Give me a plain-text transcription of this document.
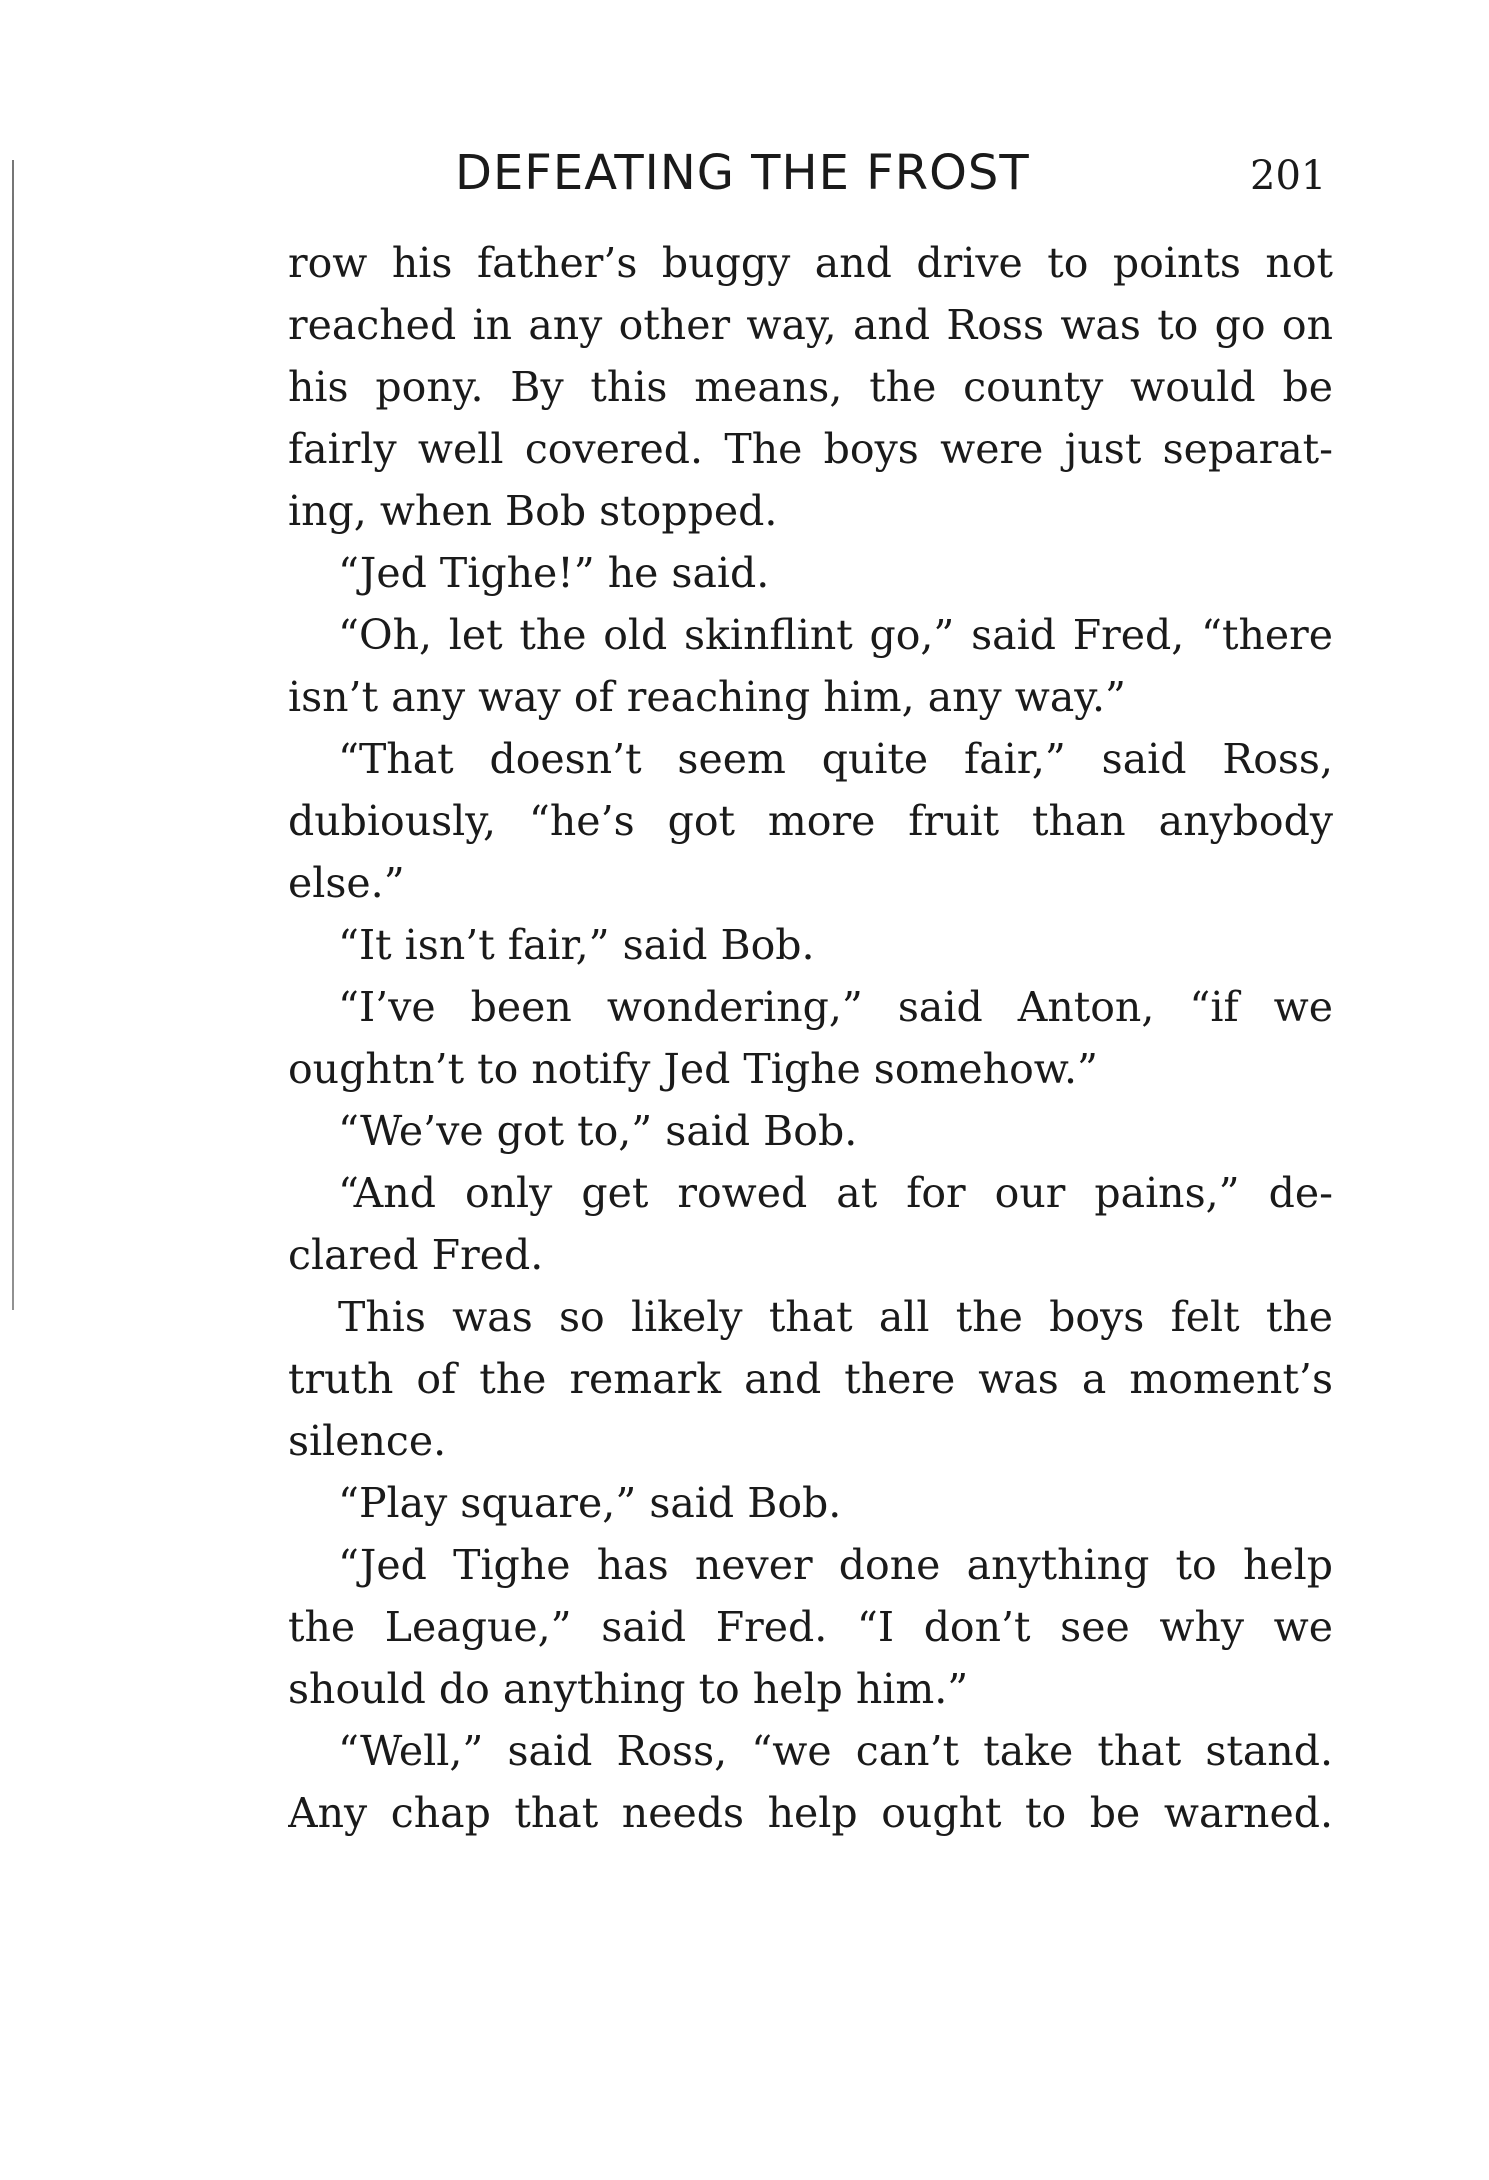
DEFEATING THE FROST	201
row his father’s buggy and drive to points not
reached in any other way, and Ross was to go on
his pony. By this means, the county would be
fairly well covered. The boys were just separat-
ing, when Bob stopped.
“Jed Tighe!” he said.
“Oh, let the old skinflint go,” said Fred, “there
isn’t any way of reaching him, any way.”
“That doesn’t seem quite fair,” said Ross,
dubiously, “he’s got more fruit than anybody
else.”
“It isn’t fair,” said Bob.
“I’ve been wondering,” said Anton, “if we
oughtn’t to notify Jed Tighe somehow.”
“We’ve got to,” said Bob.
“And only get rowed at for our pains,” de-
clared Fred.
This was so likely that all the boys felt the
truth of the remark and there was a moment’s
silence.
“Play square,” said Bob.
“Jed Tighe has never done anything to help
the League,” said Fred. “I don’t see why we
should do anything to help him.”
“Well,” said Ross, “we can’t take that stand.
Any chap that needs help ought to be warned.
